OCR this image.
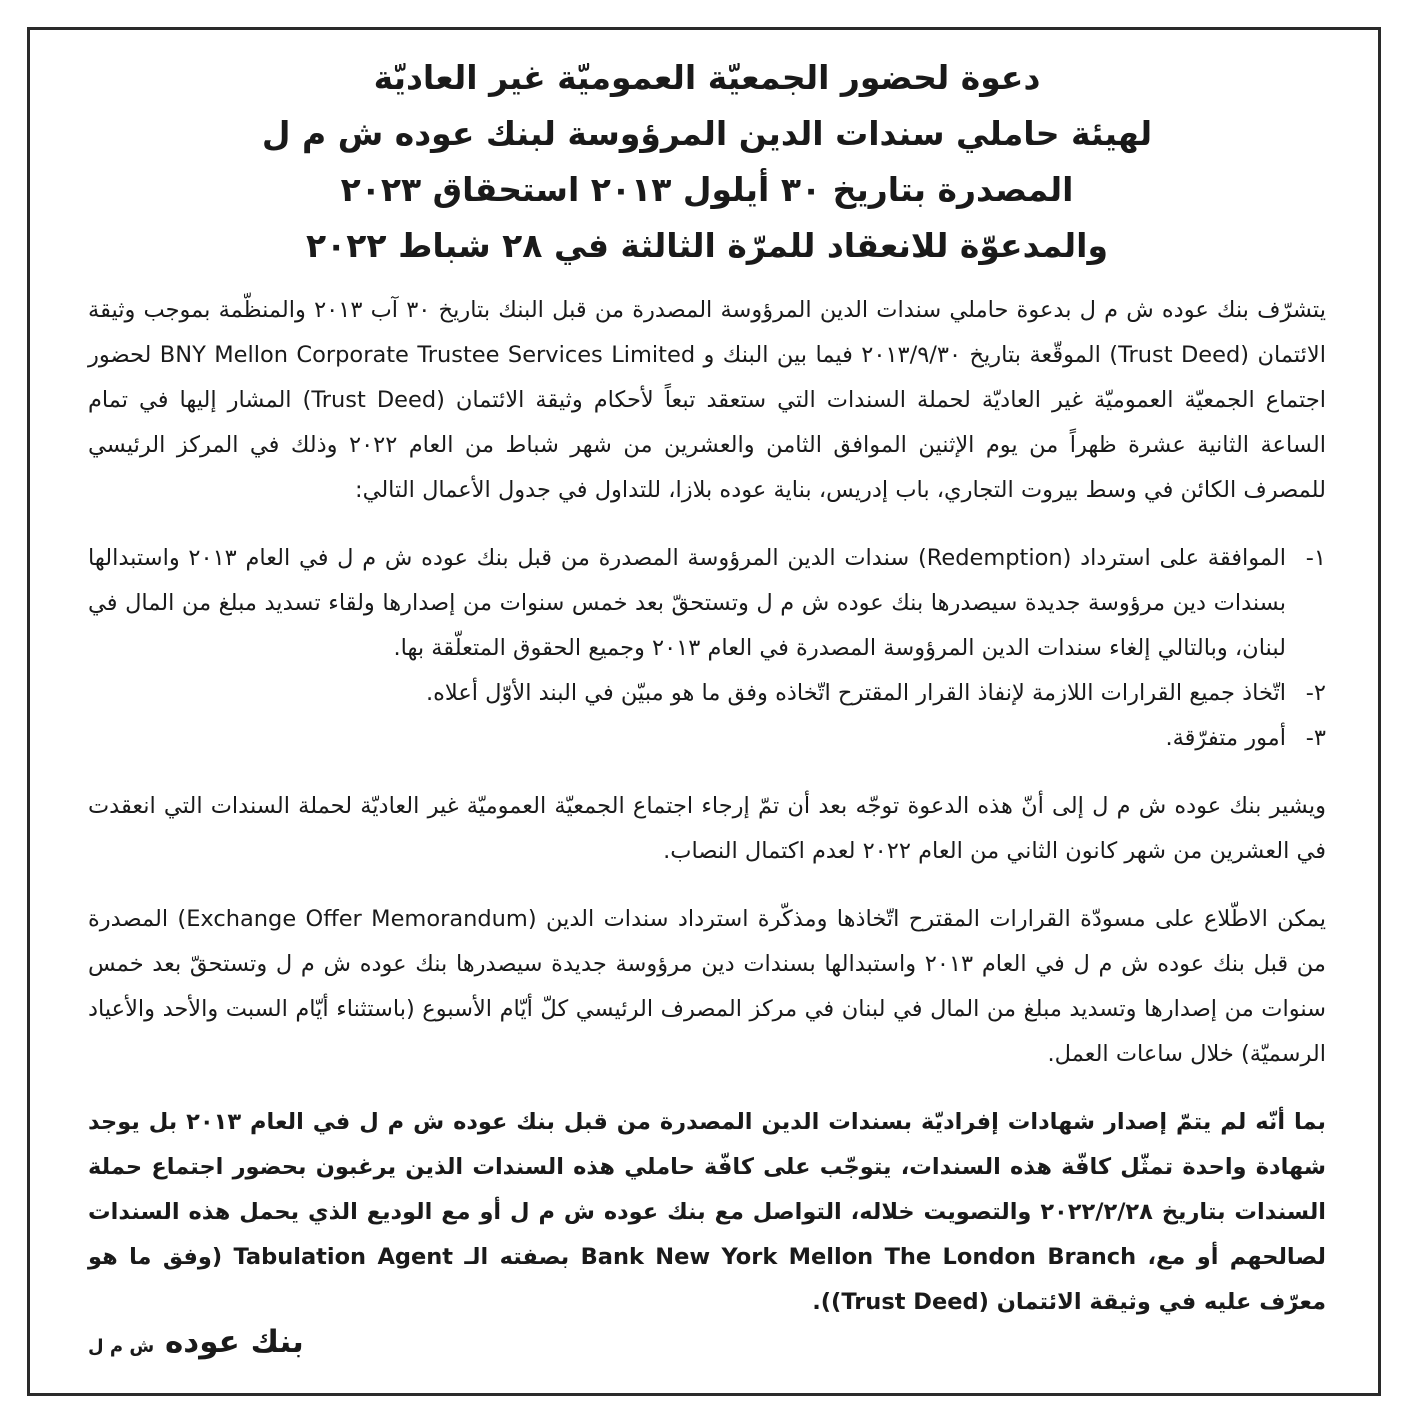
دعوة لحضور الجمعيّة العموميّة غير العاديّة
لهيئة حاملي سندات الدين المرؤوسة لبنك عوده ش م ل
المصدرة بتاريخ ٣٠ أيلول ٢٠١٣ استحقاق ٢٠٢٣
والمدعوّة للانعقاد للمرّة الثالثة في ٢٨ شباط ٢٠٢٢

يتشرّف بنك عوده ش م ل بدعوة حاملي سندات الدين المرؤوسة المصدرة من قبل البنك بتاريخ ٣٠ آب ٢٠١٣ والمنظّمة بموجب وثيقة الائتمان (Trust Deed) الموقّعة بتاريخ ٢٠١٣/٩/٣٠ فيما بين البنك و BNY Mellon Corporate Trustee Services Limited لحضور اجتماع الجمعيّة العموميّة غير العاديّة لحملة السندات التي ستعقد تبعاً لأحكام وثيقة الائتمان (Trust Deed) المشار إليها في تمام الساعة الثانية عشرة ظهراً من يوم الإثنين الموافق الثامن والعشرين من شهر شباط من العام ٢٠٢٢ وذلك في المركز الرئيسي للمصرف الكائن في وسط بيروت التجاري، باب إدريس، بناية عوده بلازا، للتداول في جدول الأعمال التالي:

١-
الموافقة على استرداد (Redemption) سندات الدين المرؤوسة المصدرة من قبل بنك عوده ش م ل في العام ٢٠١٣ واستبدالها بسندات دين مرؤوسة جديدة سيصدرها بنك عوده ش م ل وتستحقّ بعد خمس سنوات من إصدارها ولقاء تسديد مبلغ من المال في لبنان، وبالتالي إلغاء سندات الدين المرؤوسة المصدرة في العام ٢٠١٣ وجميع الحقوق المتعلّقة بها.
٢-
اتّخاذ جميع القرارات اللازمة لإنفاذ القرار المقترح اتّخاذه وفق ما هو مبيّن في البند الأوّل أعلاه.
٣-
أمور متفرّقة.

ويشير بنك عوده ش م ل إلى أنّ هذه الدعوة توجّه بعد أن تمّ إرجاء اجتماع الجمعيّة العموميّة غير العاديّة لحملة السندات التي انعقدت في العشرين من شهر كانون الثاني من العام ٢٠٢٢ لعدم اكتمال النصاب.

يمكن الاطّلاع على مسودّة القرارات المقترح اتّخاذها ومذكّرة استرداد سندات الدين (Exchange Offer Memorandum) المصدرة من قبل بنك عوده ش م ل في العام ٢٠١٣ واستبدالها بسندات دين مرؤوسة جديدة سيصدرها بنك عوده ش م ل وتستحقّ بعد خمس سنوات من إصدارها وتسديد مبلغ من المال في لبنان في مركز المصرف الرئيسي كلّ أيّام الأسبوع (باستثناء أيّام السبت والأحد والأعياد الرسميّة) خلال ساعات العمل.

بما أنّه لم يتمّ إصدار شهادات إفراديّة بسندات الدين المصدرة من قبل بنك عوده ش م ل في العام ٢٠١٣ بل يوجد شهادة واحدة تمثّل كافّة هذه السندات، يتوجّب على كافّة حاملي هذه السندات الذين يرغبون بحضور اجتماع حملة السندات بتاريخ ٢٠٢٢/٢/٢٨ والتصويت خلاله، التواصل مع بنك عوده ش م ل أو مع الوديع الذي يحمل هذه السندات لصالحهم أو مع، Bank New York Mellon The London Branch بصفته الـ Tabulation Agent (وفق ما هو معرّف عليه في وثيقة الائتمان (Trust Deed)).

بنك عوده ش م ل
